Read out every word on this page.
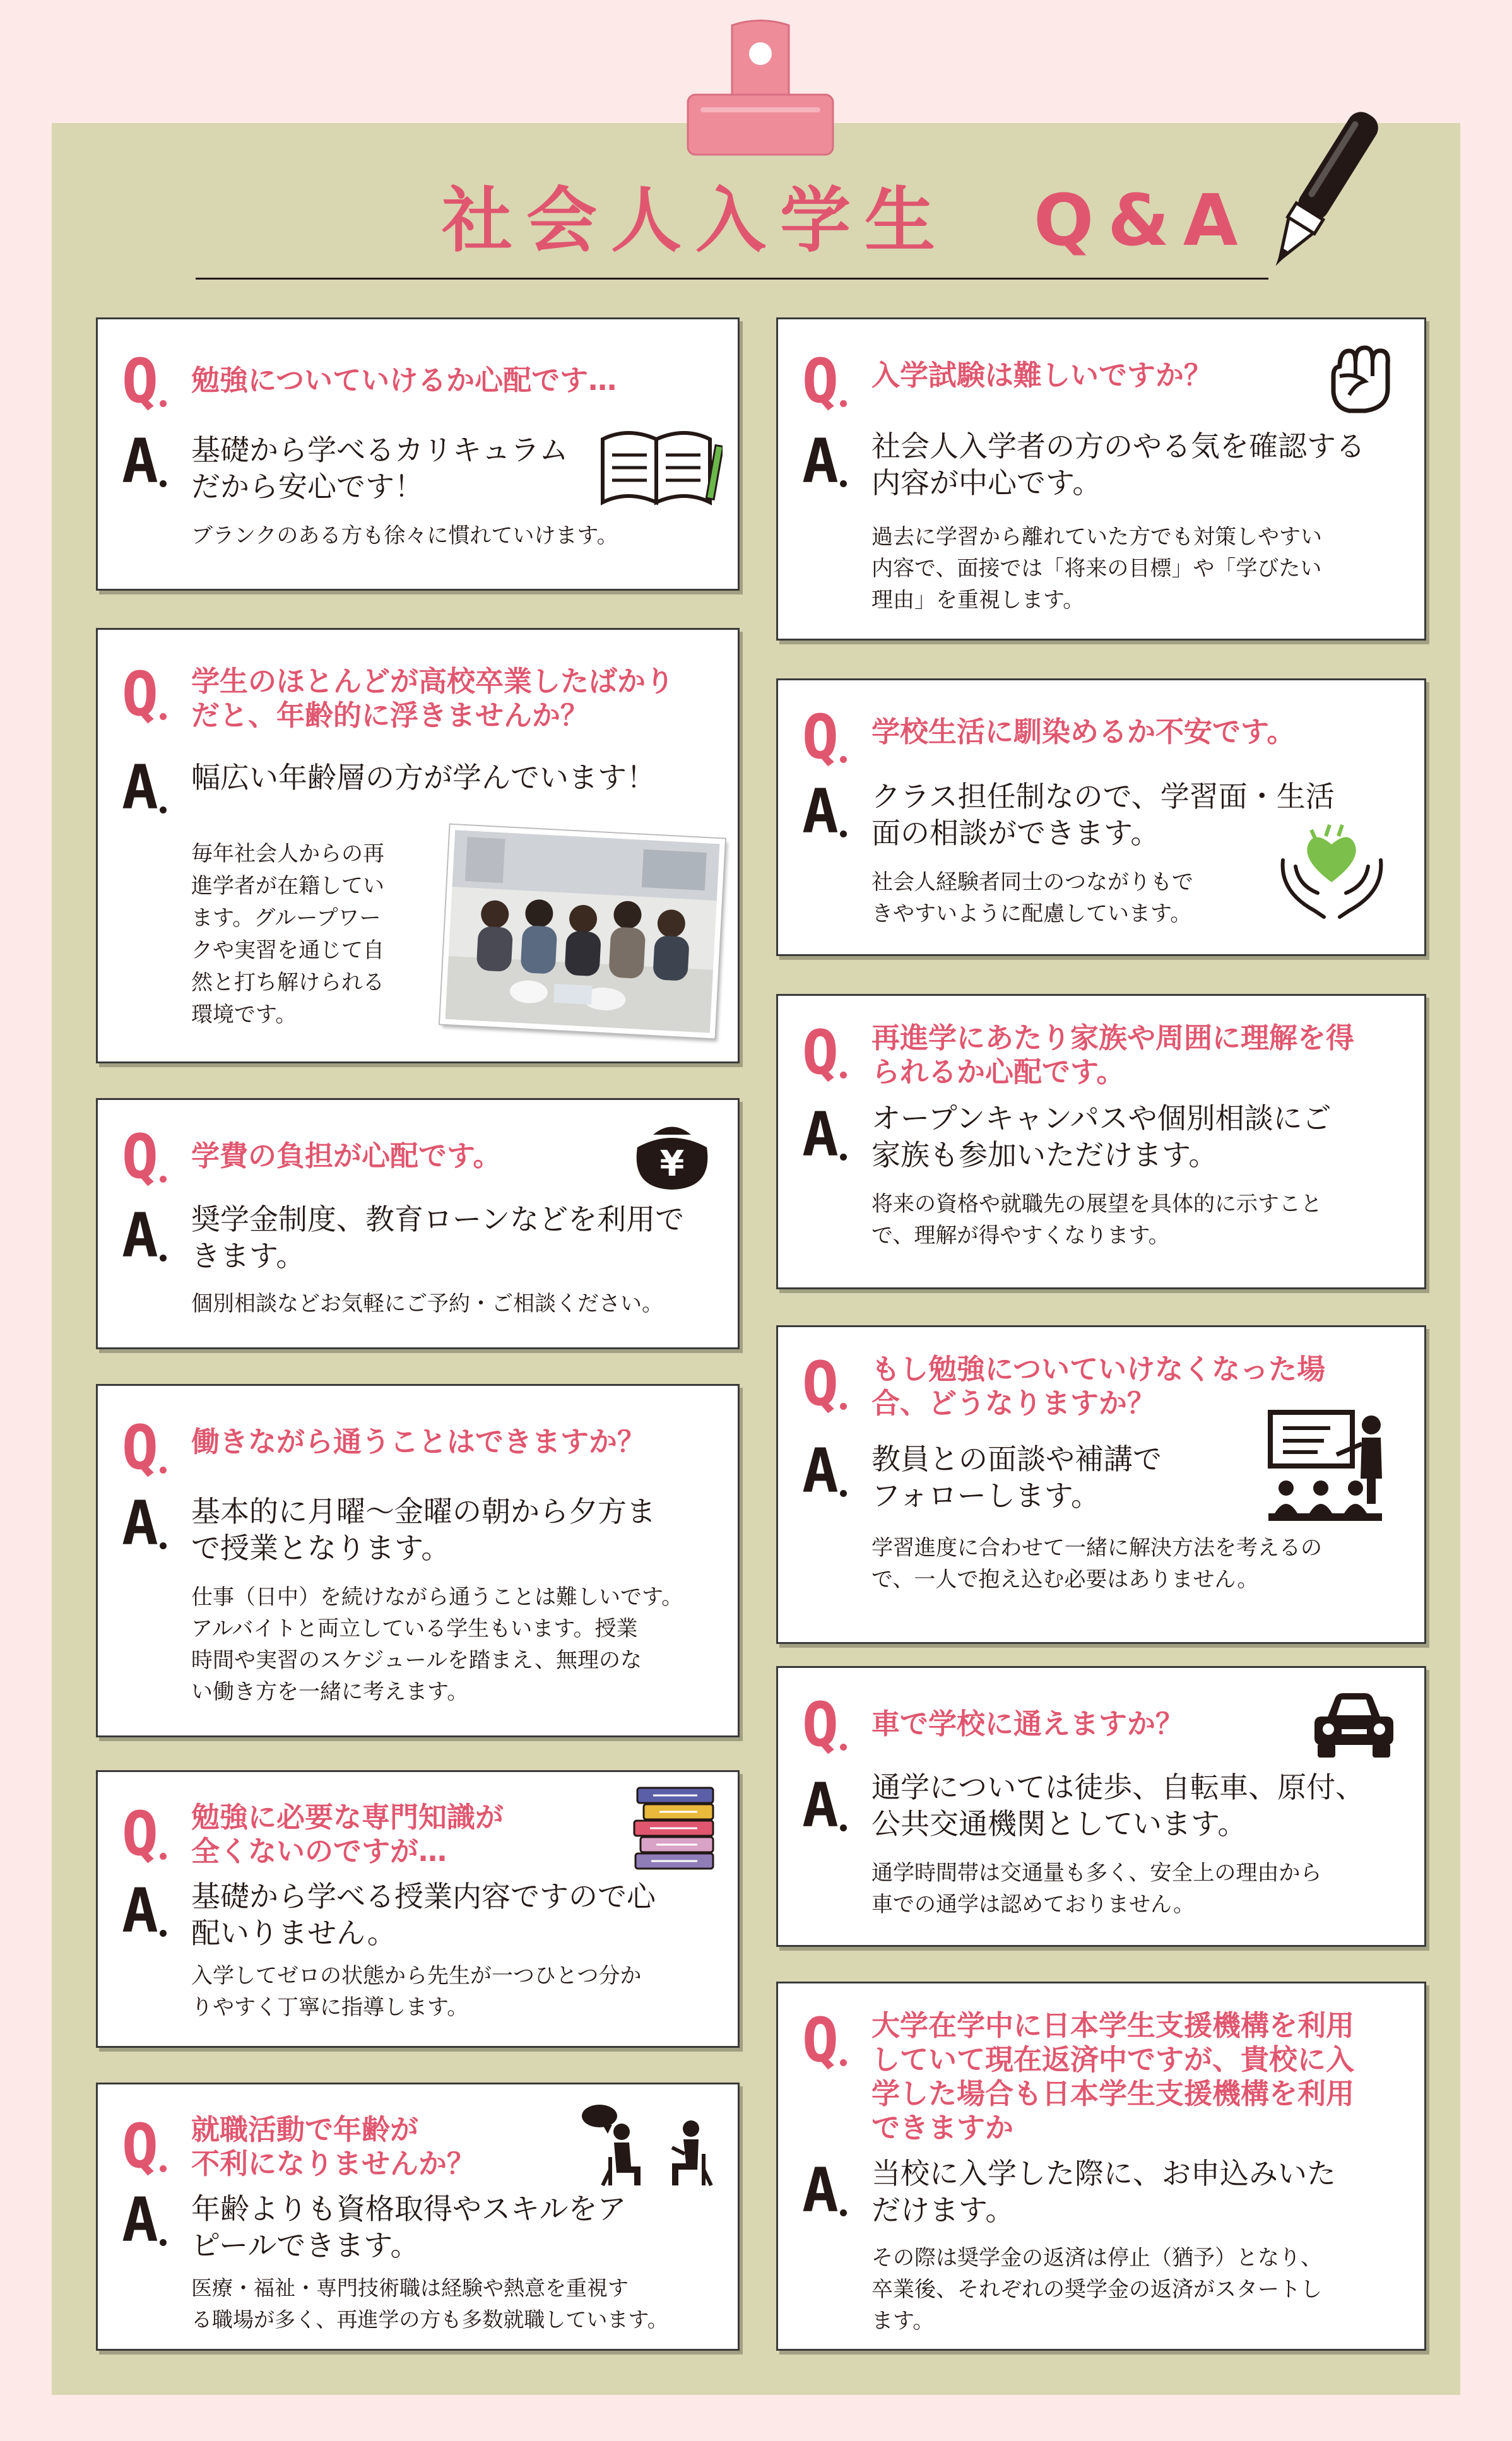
社会人入学生　Q&A
Q 勉強についていけるか心配です…
A 基礎から学べるカリキュラム
だから安心です！
ブランクのある方も徐々に慣れていけます。
Q 学生のほとんどが高校卒業したばかり
だと、年齢的に浮きませんか？
A 幅広い年齢層の方が学んでいます！
毎年社会人からの再
進学者が在籍してい
ます。グループワー
クや実習を通じて自
然と打ち解けられる
環境です。
Q 学費の負担が心配です。
A 奨学金制度、教育ローンなどを利用で
きます。
個別相談などお気軽にご予約・ご相談ください。
¥
Q 働きながら通うことはできますか？
A 基本的に月曜～金曜の朝から夕方ま
で授業となります。
仕事（日中）を続けながら通うことは難しいです。
アルバイトと両立している学生もいます。授業
時間や実習のスケジュールを踏まえ、無理のな
い働き方を一緒に考えます。
Q 勉強に必要な専門知識が
全くないのですが…
A 基礎から学べる授業内容ですので心
配いりません。
入学してゼロの状態から先生が一つひとつ分か
りやすく丁寧に指導します。
Q 就職活動で年齢が
不利になりませんか？
A 年齢よりも資格取得やスキルをア
ピールできます。
医療・福祉・専門技術職は経験や熱意を重視す
る職場が多く、再進学の方も多数就職しています。
Q 入学試験は難しいですか？
A 社会人入学者の方のやる気を確認する
内容が中心です。
過去に学習から離れていた方でも対策しやすい
内容で、面接では「将来の目標」や「学びたい
理由」を重視します。
Q 学校生活に馴染めるか不安です。
A クラス担任制なので、学習面・生活
面の相談ができます。
社会人経験者同士のつながりもで
きやすいように配慮しています。
Q 再進学にあたり家族や周囲に理解を得
られるか心配です。
A オープンキャンパスや個別相談にご
家族も参加いただけます。
将来の資格や就職先の展望を具体的に示すこと
で、理解が得やすくなります。
Q もし勉強についていけなくなった場
合、どうなりますか？
A 教員との面談や補講で
フォローします。
学習進度に合わせて一緒に解決方法を考えるの
で、一人で抱え込む必要はありません。
Q 車で学校に通えますか？
A 通学については徒歩、自転車、原付、
公共交通機関としています。
通学時間帯は交通量も多く、安全上の理由から
車での通学は認めておりません。
Q 大学在学中に日本学生支援機構を利用
していて現在返済中ですが、貴校に入
学した場合も日本学生支援機構を利用
できますか
A 当校に入学した際に、お申込みいた
だけます。
その際は奨学金の返済は停止（猶予）となり、
卒業後、それぞれの奨学金の返済がスタートし
ます。
